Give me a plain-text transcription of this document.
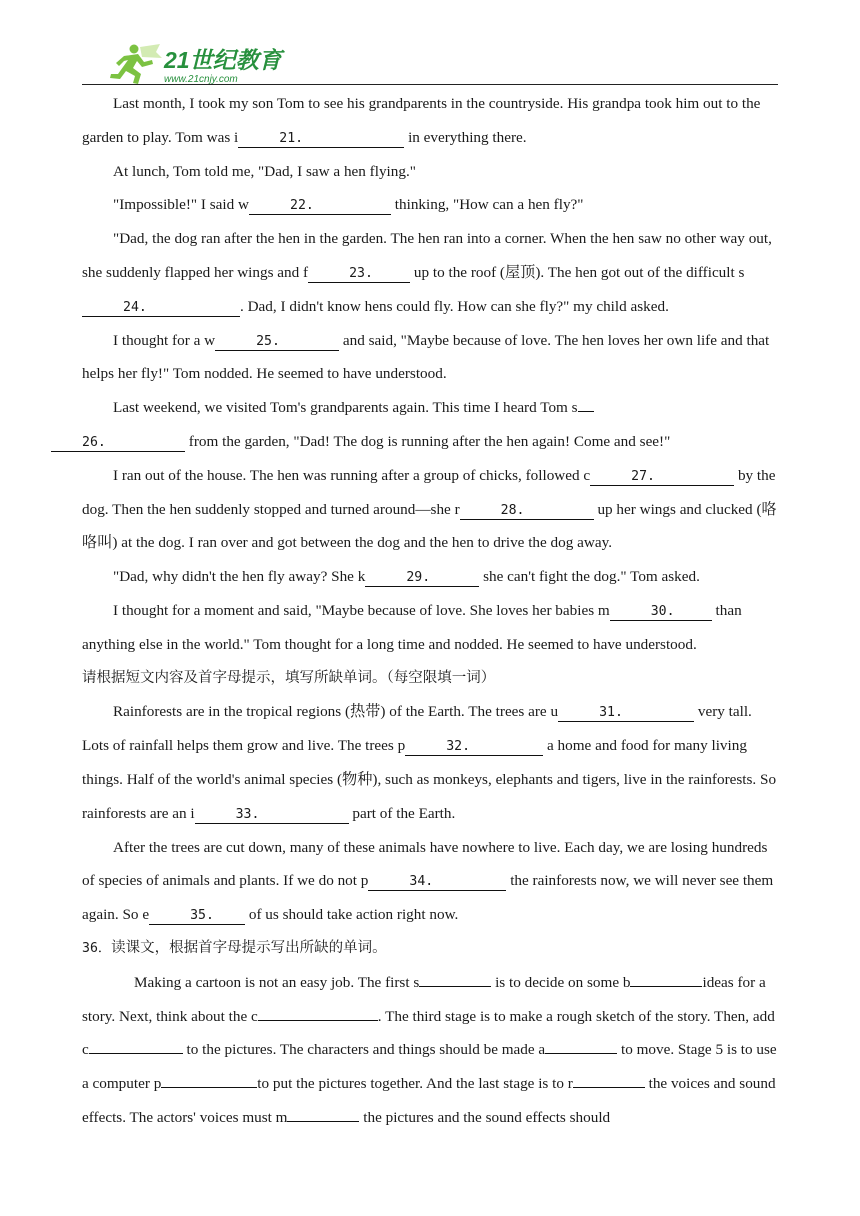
21世纪教育
www.21cnjy.com

Last month, I took my son Tom to see his grandparents in the countryside. His grandpa took him out to the garden to play. Tom was i	21.	in everything there.

At lunch, Tom told me, "Dad, I saw a hen flying."

"Impossible!" I said w	22.	thinking, "How can a hen fly?"

"Dad, the dog ran after the hen in the garden. The hen ran into a corner. When the hen saw no other way out, she suddenly flapped her wings and f	23. up to the roof (屋顶). The hen got out of the difficult s24.	. Dad, I didn't know hens could fly. How can she fly?" my child asked.

I thought for a w	25.	and said, "Maybe because of love. The hen loves her own life and that helps her fly!" Tom nodded. He seemed to have understood.

Last weekend, we visited Tom's grandparents again. This time I heard Tom s
26.	from the garden, "Dad! The dog is running after the hen again! Come and see!"

I ran out of the house. The hen was running after a group of chicks, followed c	27.	by the dog. Then the hen suddenly stopped and turned around—she r	28.	up her wings and clucked (咯咯叫) at the dog. I ran over and got between the dog and the hen to drive the dog away.

"Dad, why didn't the hen fly away? She k	29.	she can't fight the dog." Tom asked.

I thought for a moment and said, "Maybe because of love. She loves her babies m	30. than anything else in the world." Tom thought for a long time and nodded. He seemed to have understood.

请根据短文内容及首字母提示，填写所缺单词。（每空限填一词）

Rainforests are in the tropical regions (热带) of the Earth. The trees are u	31.	very tall. Lots of rainfall helps them grow and live. The trees p	32.	a home and food for many living things. Half of the world's animal species (物种), such as monkeys, elephants and tigers, live in the rainforests. So rainforests are an i	33.	part of the Earth.

After the trees are cut down, many of these animals have nowhere to live. Each day, we are losing hundreds of species of animals and plants. If we do not p	34.	the rainforests now, we will never see them again. So e	35. of us should take action right now.

36．读课文，根据首字母提示写出所缺的单词。

Making a cartoon is not an easy job. The first s	is to decide on some b	ideas for a story. Next, think about the c	. The third stage is to make a rough sketch of the story. Then, add c	to the pictures. The characters and things should be made a	to move. Stage 5 is to use a computer p	to put the pictures together. And the last stage is to r	the voices and sound effects. The actors' voices must m	the pictures and the sound effects should
